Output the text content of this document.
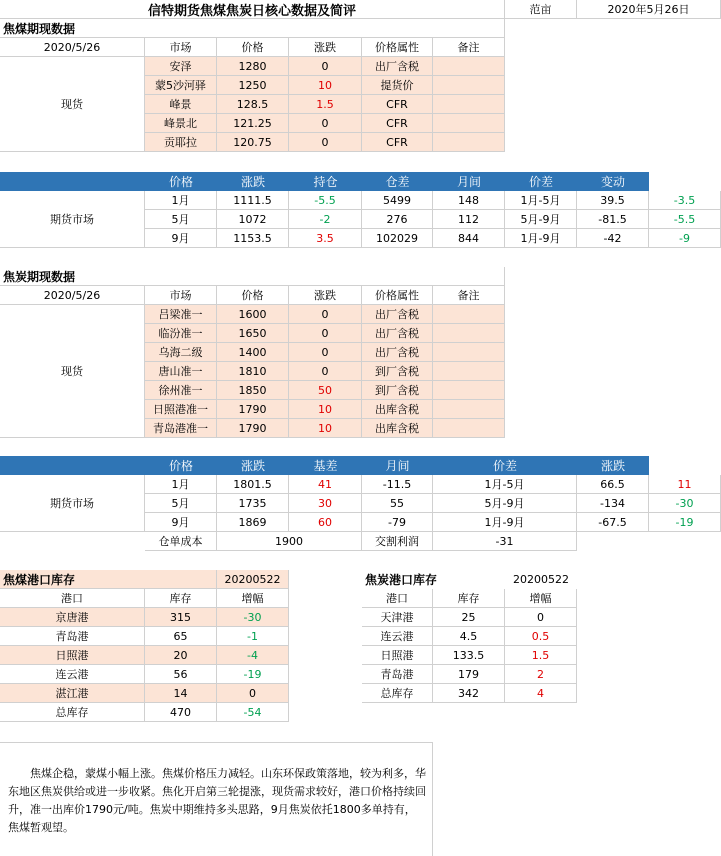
信特期货焦煤焦炭日核心数据及简评	范亩	2020年5月26日
焦煤期现数据
2020/5/26	市场	价格	涨跌	价格属性	备注
现货
安泽	1280	0	出厂含税
蒙5沙河驿	1250	10	提货价
峰景	128.5	1.5	CFR
峰景北	121.25	0	CFR
贡耶拉	120.75	0	CFR
价格	涨跌	持仓	仓差	月间	价差	变动
期货市场
1月	1111.5	-5.5	5499	148	1月-5月	39.5	-3.5
5月	1072	-2	276	112	5月-9月	-81.5	-5.5
9月	1153.5	3.5	102029	844	1月-9月	-42	-9
焦炭期现数据
2020/5/26	市场	价格	涨跌	价格属性	备注
现货
吕梁准一	1600	0	出厂含税
临汾准一	1650	0	出厂含税
乌海二级	1400	0	出厂含税
唐山准一	1810	0	到厂含税
徐州准一	1850	50	到厂含税
日照港准一	1790	10	出库含税
青岛港准一	1790	10	出库含税
价格	涨跌	基差	月间	价差	涨跌
期货市场
1月	1801.5	41	-11.5	1月-5月	66.5	11
5月	1735	30	55	5月-9月	-134	-30
9月	1869	60	-79	1月-9月	-67.5	-19
仓单成本	1900	交割利润	-31
焦煤港口库存	20200522
港口	库存	增幅
京唐港	315	-30
青岛港	65	-1
日照港	20	-4
连云港	56	-19
湛江港	14	0
总库存	470	-54
焦炭港口库存	20200522
港口	库存	增幅
天津港	25	0
连云港	4.5	0.5
日照港	133.5	1.5
青岛港	179	2
总库存	342	4
　　焦煤企稳，蒙煤小幅上涨。焦煤价格压力减轻。山东环保政策落地，较为利多，华东地区焦炭供给或进一步收紧。焦化开启第三轮提涨，现货需求较好，港口价格持续回升，准一出库价1790元/吨。焦炭中期维持多头思路，9月焦炭依托1800多单持有，焦煤暂观望。
